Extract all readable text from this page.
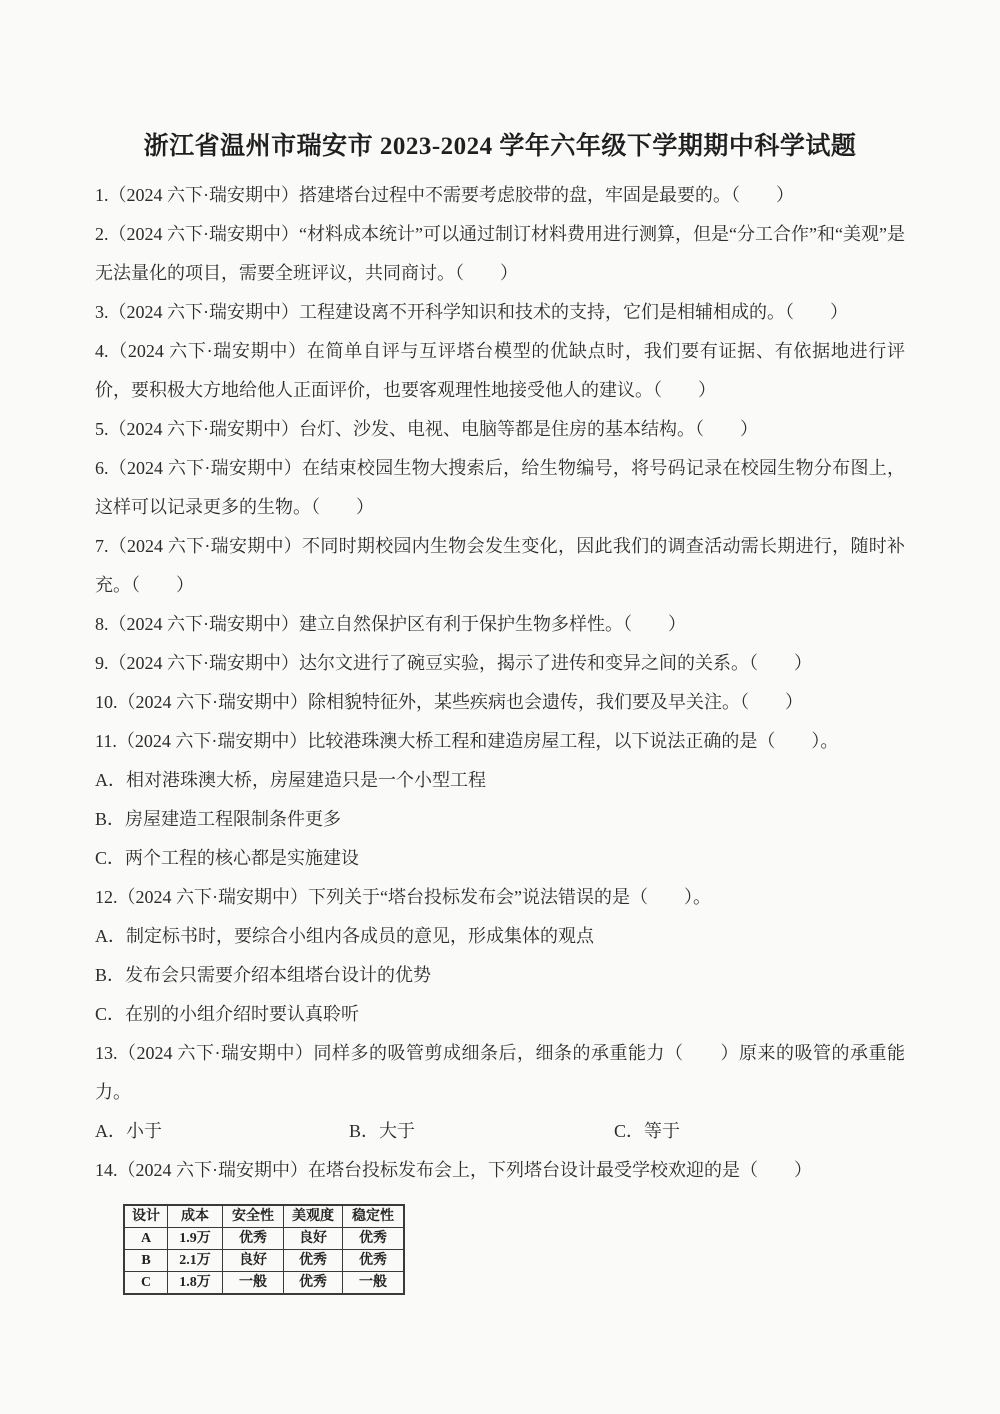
浙江省温州市瑞安市 2023-2024 学年六年级下学期期中科学试题

1.（2024 六下·瑞安期中）搭建塔台过程中不需要考虑胶带的盘，牢固是最要的。（　　）

2.（2024 六下·瑞安期中）“材料成本统计”可以通过制订材料费用进行测算，但是“分工合作”和“美观”是无法量化的项目，需要全班评议，共同商讨。（　　）

3.（2024 六下·瑞安期中）工程建设离不开科学知识和技术的支持，它们是相辅相成的。（　　）

4.（2024 六下·瑞安期中）在简单自评与互评塔台模型的优缺点时，我们要有证据、有依据地进行评价，要积极大方地给他人正面评价，也要客观理性地接受他人的建议。（　　）

5.（2024 六下·瑞安期中）台灯、沙发、电视、电脑等都是住房的基本结构。（　　）

6.（2024 六下·瑞安期中）在结束校园生物大搜索后，给生物编号，将号码记录在校园生物分布图上，这样可以记录更多的生物。（　　）

7.（2024 六下·瑞安期中）不同时期校园内生物会发生变化，因此我们的调查活动需长期进行，随时补充。（　　）

8.（2024 六下·瑞安期中）建立自然保护区有利于保护生物多样性。（　　）

9.（2024 六下·瑞安期中）达尔文进行了碗豆实验，揭示了进传和变异之间的关系。（　　）

10.（2024 六下·瑞安期中）除相貌特征外，某些疾病也会遗传，我们要及早关注。（　　）

11.（2024 六下·瑞安期中）比较港珠澳大桥工程和建造房屋工程，以下说法正确的是（　　）。

A．相对港珠澳大桥，房屋建造只是一个小型工程

B．房屋建造工程限制条件更多

C．两个工程的核心都是实施建设

12.（2024 六下·瑞安期中）下列关于“塔台投标发布会”说法错误的是（　　）。

A．制定标书时，要综合小组内各成员的意见，形成集体的观点

B．发布会只需要介绍本组塔台设计的优势

C．在别的小组介绍时要认真聆听

13.（2024 六下·瑞安期中）同样多的吸管剪成细条后，细条的承重能力（　　）原来的吸管的承重能力。

A．小于	B．大于	C．等于

14.（2024 六下·瑞安期中）在塔台投标发布会上，下列塔台设计最受学校欢迎的是（　　）

设计	成本	安全性	美观度	稳定性
A	1.9万	优秀	良好	优秀
B	2.1万	良好	优秀	优秀
C	1.8万	一般	优秀	一般
